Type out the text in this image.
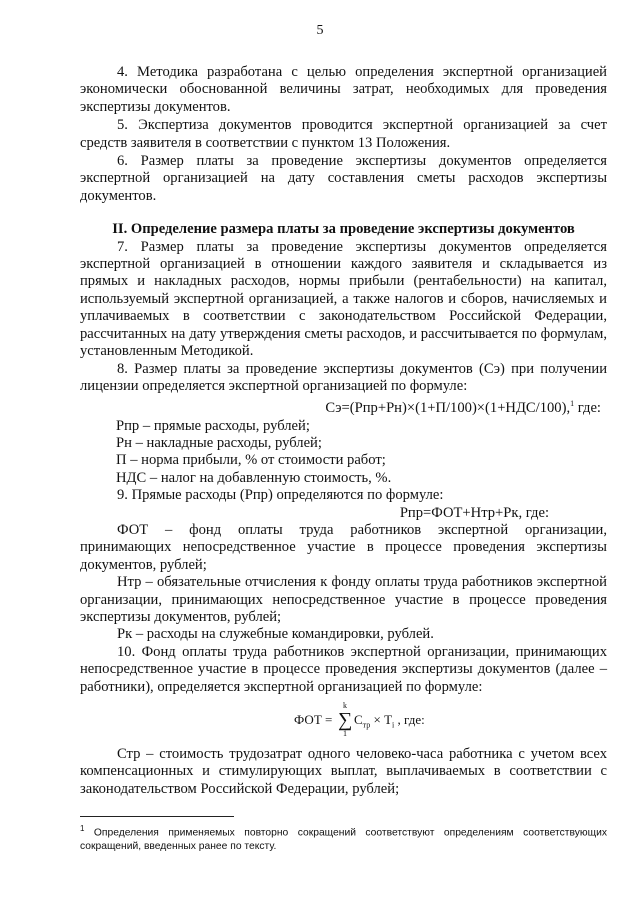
5

4. Методика разработана с целью определения экспертной организацией экономически обоснованной величины затрат, необходимых для проведения экспертизы документов.

5. Экспертиза документов проводится экспертной организацией за счет средств заявителя в соответствии с пунктом 13 Положения.

6. Размер платы за проведение экспертизы документов определяется экспертной организацией на дату составления сметы расходов экспертизы документов.

II. Определение размера платы за проведение экспертизы документов

7. Размер платы за проведение экспертизы документов определяется экспертной организацией в отношении каждого заявителя и складывается из прямых и накладных расходов, нормы прибыли (рентабельности) на капитал, используемый экспертной организацией, а также налогов и сборов, начисляемых и уплачиваемых в соответствии с законодательством Российской Федерации, рассчитанных на дату утверждения сметы расходов, и рассчитывается по формулам, установленным Методикой.

8. Размер платы за проведение экспертизы документов (Сэ) при получении лицензии определяется экспертной организацией по формуле:

Сэ=(Рпр+Рн)×(1+П/100)×(1+НДС/100),$^1$ где:

Рпр – прямые расходы, рублей;

Рн – накладные расходы, рублей;

П – норма прибыли, % от стоимости работ;

НДС – налог на добавленную стоимость, %.

9. Прямые расходы (Рпр) определяются по формуле:

Рпр=ФОТ+Нтр+Рк, где:

ФОТ – фонд оплаты труда работников экспертной организации, принимающих непосредственное участие в процессе проведения экспертизы документов, рублей;

Нтр – обязательные отчисления к фонду оплаты труда работников экспертной организации, принимающих непосредственное участие в процессе проведения экспертизы документов, рублей;

Рк – расходы на служебные командировки, рублей.

10. Фонд оплаты труда работников экспертной организации, принимающих непосредственное участие в процессе проведения экспертизы документов (далее – работники), определяется экспертной организацией по формуле:

ФОТ =
k
∑
1
$С_{тр} \times Т_i$ , где:

Стр – стоимость трудозатрат одного человеко-часа работника с учетом всех компенсационных и стимулирующих выплат, выплачиваемых в соответствии с законодательством Российской Федерации, рублей;

$^1$ Определения применяемых повторно сокращений соответствуют определениям соответствующих сокращений, введенных ранее по тексту.
